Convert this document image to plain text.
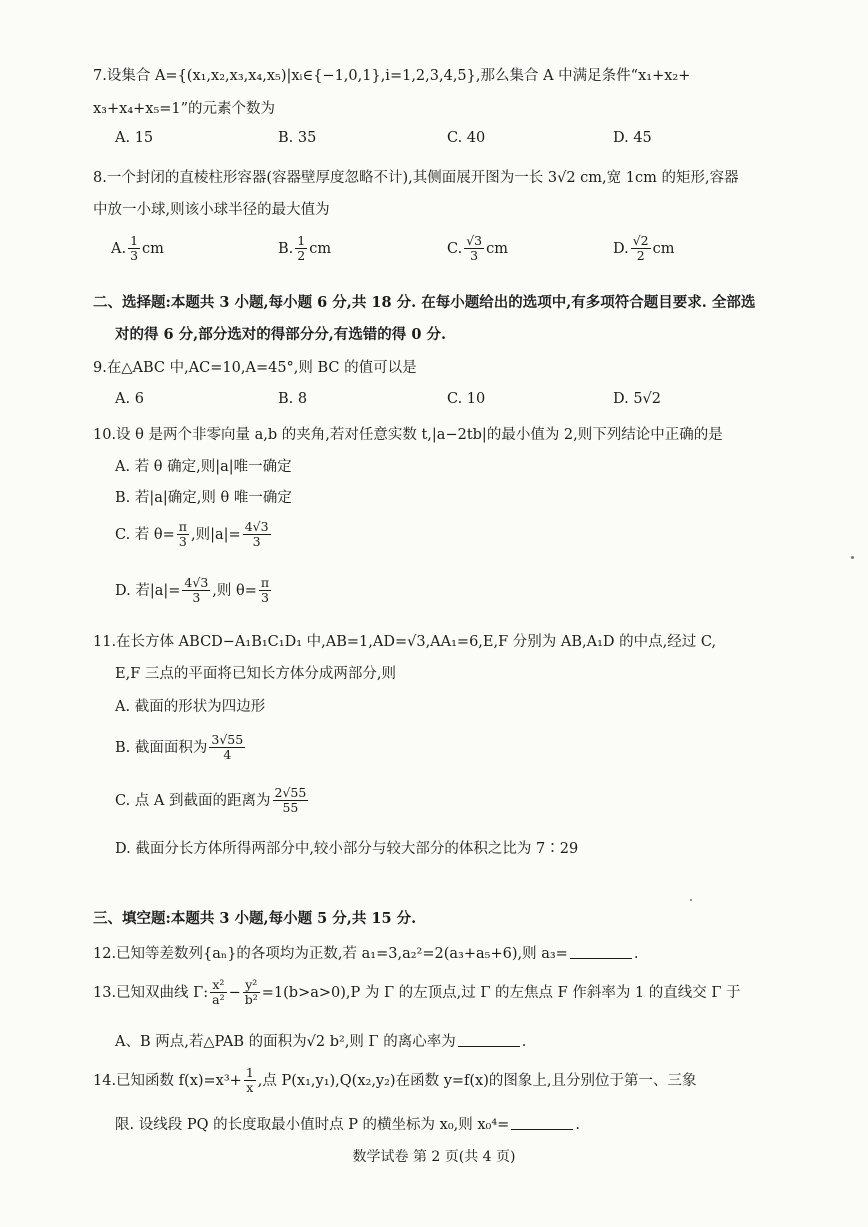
7.设集合 A={(x₁,x₂,x₃,x₄,x₅)|xᵢ∈{−1,0,1},i=1,2,3,4,5},那么集合 A 中满足条件“x₁+x₂+
x₃+x₄+x₅=1”的元素个数为
A. 15	B. 35	C. 40	D. 45
8.一个封闭的直棱柱形容器(容器壁厚度忽略不计),其侧面展开图为一长 3√2 cm,宽 1cm 的矩形,容器
中放一小球,则该小球半径的最大值为
A. $\frac{1}{3}$ cm	B. $\frac{1}{2}$ cm	C. $\frac{√3}{3}$ cm	D. $\frac{√2}{2}$ cm
二、选择题:本题共 3 小题,每小题 6 分,共 18 分. 在每小题给出的选项中,有多项符合题目要求. 全部选
对的得 6 分,部分选对的得部分分,有选错的得 0 分.
9.在△ABC 中,AC=10,A=45°,则 BC 的值可以是
A. 6	B. 8	C. 10	D. 5√2
10.设 θ 是两个非零向量 a,b 的夹角,若对任意实数 t,|a−2tb|的最小值为 2,则下列结论中正确的是
A. 若 θ 确定,则|a|唯一确定
B. 若|a|确定,则 θ 唯一确定
C. 若 $\theta= \frac{\pi}{3}$ ,则$|a|= \frac{4√3}{3}$
D. 若$|a|= \frac{4√3}{3}$ ,则 $\theta= \frac{\pi}{3}$
11.在长方体 ABCD−A₁B₁C₁D₁ 中,AB=1,AD=√3,AA₁=6,E,F 分别为 AB,A₁D 的中点,经过 C,
E,F 三点的平面将已知长方体分成两部分,则
A. 截面的形状为四边形
B. 截面面积为 $\frac{3√55}{4}$
C. 点 A 到截面的距离为 $\frac{2√55}{55}$
D. 截面分长方体所得两部分中,较小部分与较大部分的体积之比为 7∶29
三、填空题:本题共 3 小题,每小题 5 分,共 15 分.
12.已知等差数列{aₙ}的各项均为正数,若 a₁=3,a₂²=2(a₃+a₅+6),则 a₃=	.
13.已知双曲线 Γ: $\frac{\text{x²}}{\text{a²}} - \frac{\text{y²}}{\text{b²}} =1(b>a>0),P$ 为 Γ 的左顶点,过 Γ 的左焦点 F 作斜率为 1 的直线交 Γ 于
A、B 两点,若△PAB 的面积为√2 b²,则 Γ 的离心率为	.
14.已知函数 $f(x)=x^3+ \frac{1}{x}$ ,点 P(x₁,y₁),Q(x₂,y₂)在函数 y=f(x)的图象上,且分别位于第一、三象
限. 设线段 PQ 的长度取最小值时点 P 的横坐标为 x₀,则 x₀⁴=	.
数学试卷 第 2 页(共 4 页)
